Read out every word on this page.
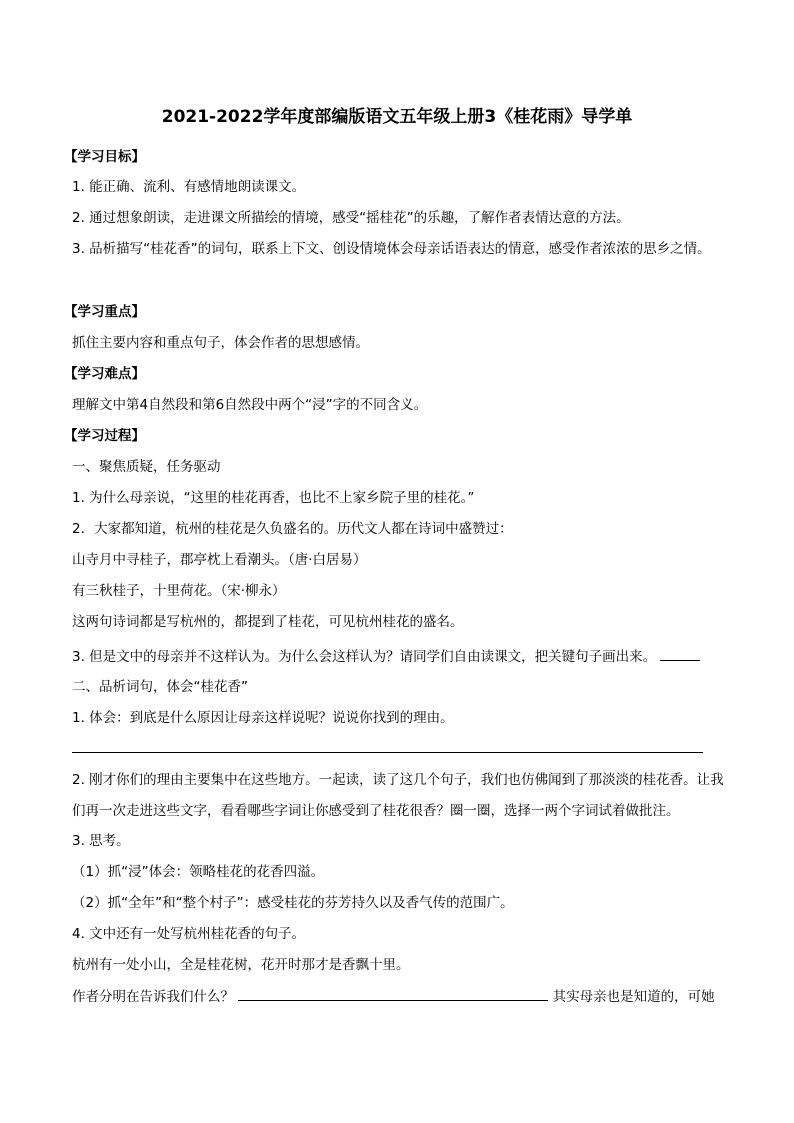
2021-2022学年度部编版语文五年级上册3《桂花雨》导学单
【学习目标】
1. 能正确、流利、有感情地朗读课文。
2. 通过想象朗读，走进课文所描绘的情境，感受“摇桂花”的乐趣，了解作者表情达意的方法。
3. 品析描写“桂花香”的词句，联系上下文、创设情境体会母亲话语表达的情意，感受作者浓浓的思乡之情。
【学习重点】
抓住主要内容和重点句子，体会作者的思想感情。
【学习难点】
理解文中第4自然段和第6自然段中两个“浸”字的不同含义。
【学习过程】
一、聚焦质疑，任务驱动
1. 为什么母亲说，“这里的桂花再香，也比不上家乡院子里的桂花。”
2．大家都知道，杭州的桂花是久负盛名的。历代文人都在诗词中盛赞过：
山寺月中寻桂子，郡亭枕上看潮头。（唐·白居易）
有三秋桂子，十里荷花。（宋·柳永）
这两句诗词都是写杭州的，都提到了桂花，可见杭州桂花的盛名。
3. 但是文中的母亲并不这样认为。为什么会这样认为？请同学们自由读课文，把关键句子画出来。
二、品析词句，体会“桂花香”
1. 体会：到底是什么原因让母亲这样说呢？说说你找到的理由。
2. 刚才你们的理由主要集中在这些地方。一起读，读了这几个句子，我们也仿佛闻到了那淡淡的桂花香。让我们再一次走进这些文字，看看哪些字词让你感受到了桂花很香？圈一圈，选择一两个字词试着做批注。
3. 思考。
（1）抓“浸”体会：领略桂花的花香四溢。
（2）抓“全年”和“整个村子”：感受桂花的芬芳持久以及香气传的范围广。
4. 文中还有一处写杭州桂花香的句子。
杭州有一处小山，全是桂花树，花开时那才是香飘十里。
作者分明在告诉我们什么？	其实母亲也是知道的，可她
